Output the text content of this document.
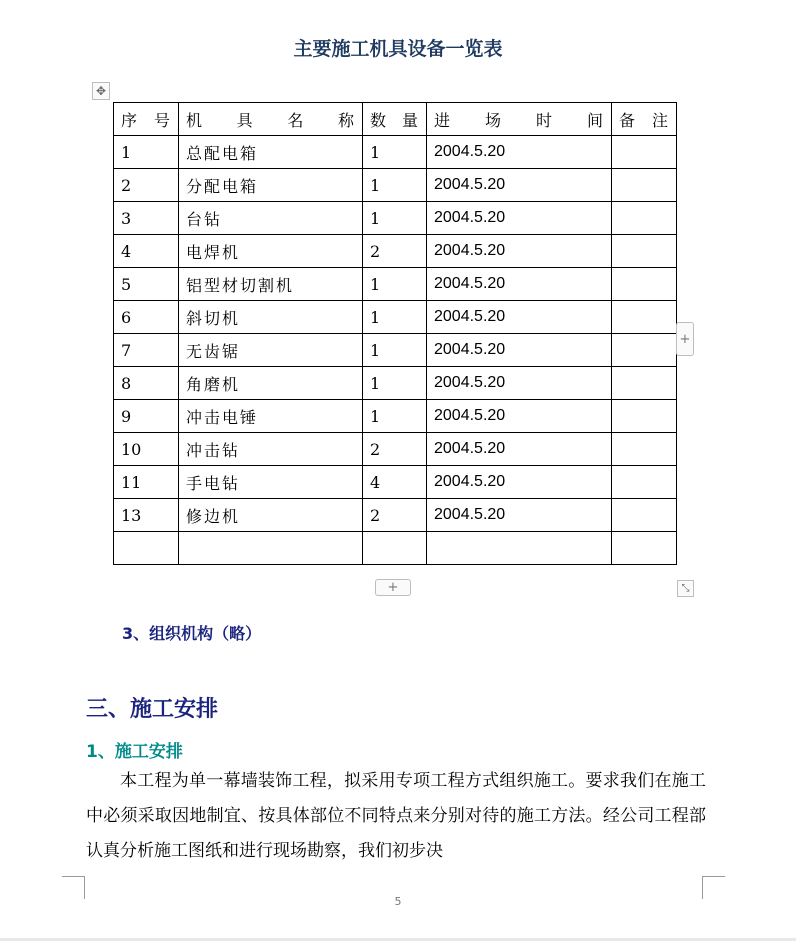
主要施工机具设备一览表
✥
序 号	机 具 名 称	数 量	进 场 时 间	备 注

1	总配电箱	1	2004.5.20	
2	分配电箱	1	2004.5.20	
3	台钻	1	2004.5.20	
4	电焊机	2	2004.5.20	
5	铝型材切割机	1	2004.5.20	
6	斜切机	1	2004.5.20	
7	无齿锯	1	2004.5.20	
8	角磨机	1	2004.5.20	
9	冲击电锤	1	2004.5.20	
10	冲击钻	2	2004.5.20	
11	手电钻	4	2004.5.20	
13	修边机	2	2004.5.20	

+
+	⤡
3、组织机构（略）
三、施工安排
1、施工安排

本工程为单一幕墙装饰工程，拟采用专项工程方式组织施工。要求我们在施工中必须采取因地制宜、按具体部位不同特点来分别对待的施工方法。经公司工程部认真分析施工图纸和进行现场勘察，我们初步决

5
